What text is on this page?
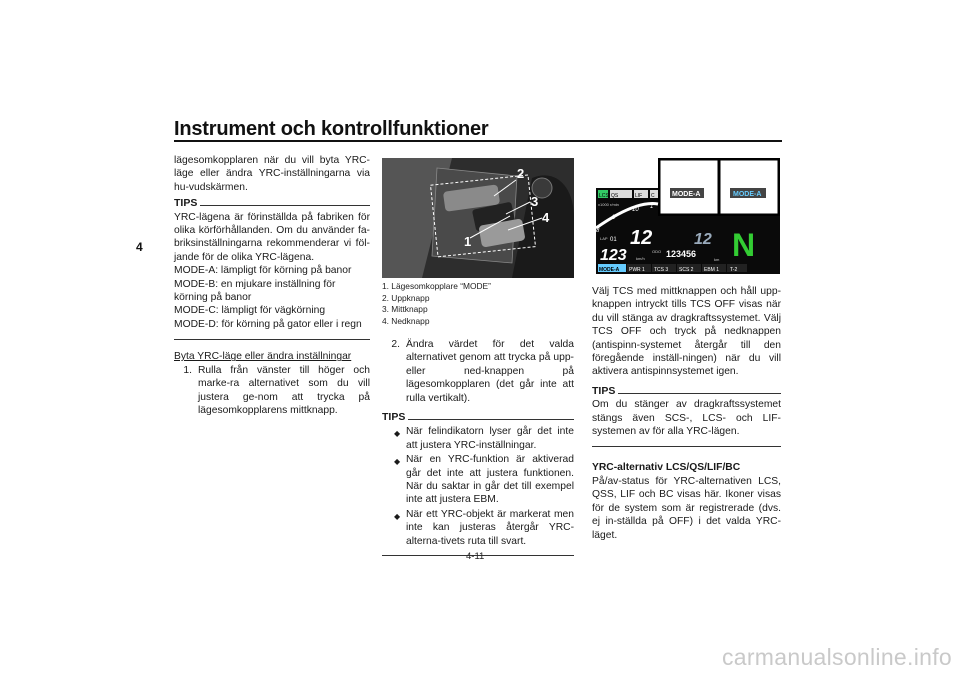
Instrument och kontrollfunktioner
4

lägesomkopplaren när du vill byta YRC-läge eller ändra YRC-inställningarna via hu-vudskärmen.

TIPS

YRC-lägena är förinställda på fabriken för olika körförhållanden. Om du använder fa-briksinställningarna rekommenderar vi föl-jande för de olika YRC-lägena.

MODE-A: lämpligt för körning på banor

MODE-B: en mjukare inställning för körning på banor

MODE-C: lämpligt för vägkörning

MODE-D: för körning på gator eller i regn

Byta YRC-läge eller ändra inställningar

1. Rulla från vänster till höger och marke-ra alternativet som du vill justera ge-nom att trycka på lägesomkopplarens mittknapp.
1
2
3
4
1. Lägesomkopplare “MODE”
2. Uppknapp
3. Mittknapp
4. Nedknapp
2. Ändra värdet för det valda alternativet genom att trycka på upp- eller ned-knappen på lägesomkopplaren (det går inte att rulla vertikalt).
TIPS
◆ När felindikatorn lyser går det inte att justera YRC-inställningar.
◆ När en YRC-funktion är aktiverad går det inte att justera funktionen. När du saktar in går det till exempel inte att justera EBM.
◆ När ett YRC-objekt är markerat men inte kan justeras återgår YRC-alterna-tivets ruta till svart.
MODE-A	MODE-A
LCS QS	LIF C
x1000 r/min
8
9
10 1
LAP 01 12	12 N
123 km/h
ODO 123456
km
MODE-A PWR 1 TCS 3 SCS 2 EBM 1 T-2

Välj TCS med mittknappen och håll upp-knappen intryckt tills TCS OFF visas när du vill stänga av dragkraftssystemet. Välj TCS OFF och tryck på nedknappen (antispinn-systemet återgår till den föregående inställ-ningen) när du vill aktivera antispinnsystemet igen.

TIPS

Om du stänger av dragkraftssystemet stängs även SCS-, LCS- och LIF-systemen av för alla YRC-lägen.

YRC-alternativ LCS/QS/LIF/BC

På/av-status för YRC-alternativen LCS, QSS, LIF och BC visas här. Ikoner visas för de system som är registrerade (dvs. ej in-ställda på OFF) i det valda YRC-läget.

4-11
carmanualsonline.info
